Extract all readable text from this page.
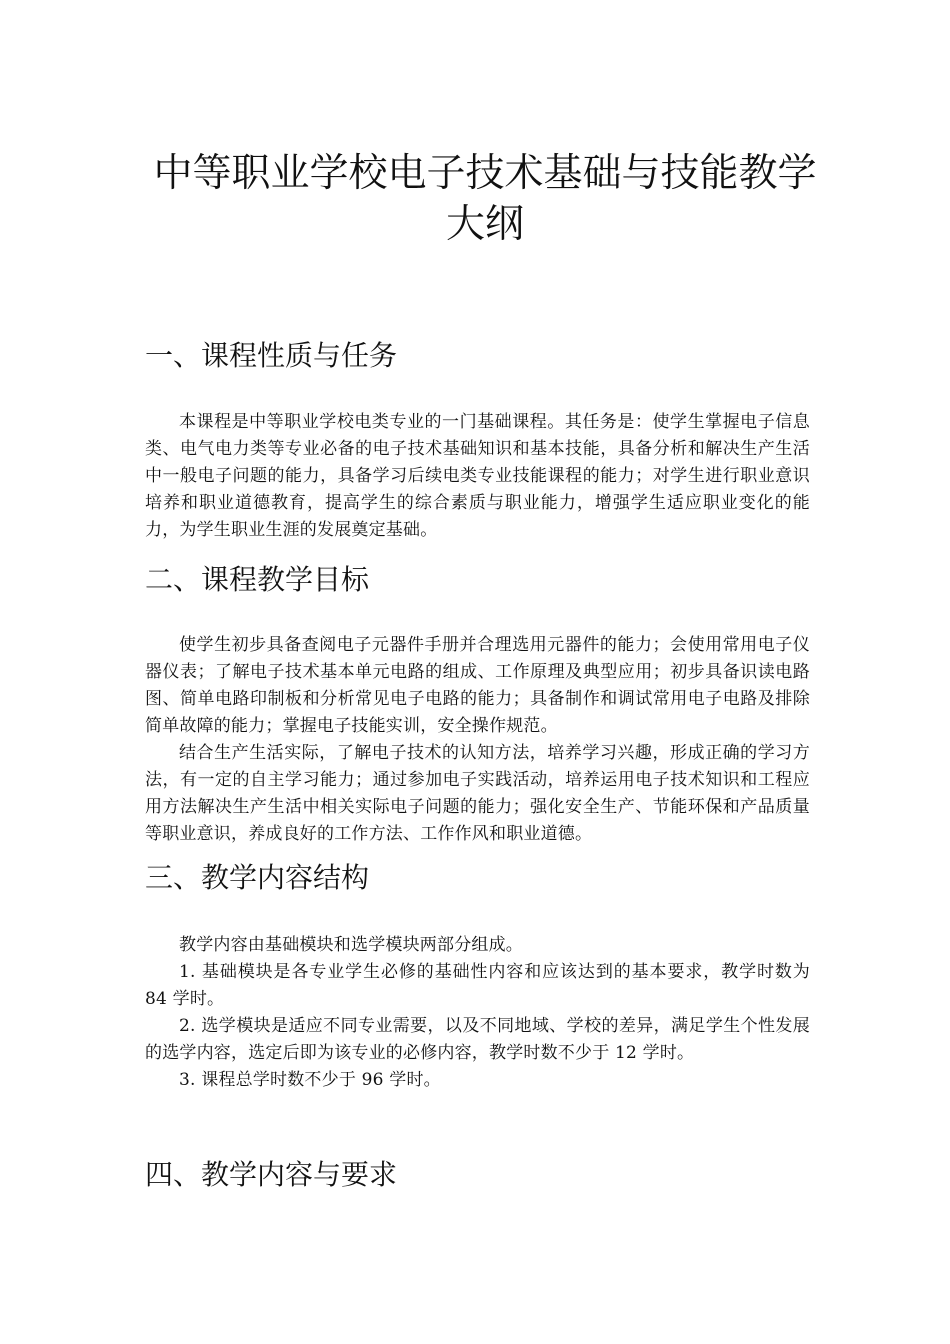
中等职业学校电子技术基础与技能教学大纲
一、课程性质与任务

本课程是中等职业学校电类专业的一门基础课程。其任务是：使学生掌握电子信息类、电气电力类等专业必备的电子技术基础知识和基本技能，具备分析和解决生产生活中一般电子问题的能力，具备学习后续电类专业技能课程的能力；对学生进行职业意识培养和职业道德教育，提高学生的综合素质与职业能力，增强学生适应职业变化的能力，为学生职业生涯的发展奠定基础。

二、课程教学目标

使学生初步具备查阅电子元器件手册并合理选用元器件的能力；会使用常用电子仪器仪表；了解电子技术基本单元电路的组成、工作原理及典型应用；初步具备识读电路图、简单电路印制板和分析常见电子电路的能力；具备制作和调试常用电子电路及排除简单故障的能力；掌握电子技能实训，安全操作规范。

结合生产生活实际，了解电子技术的认知方法，培养学习兴趣，形成正确的学习方法，有一定的自主学习能力；通过参加电子实践活动，培养运用电子技术知识和工程应用方法解决生产生活中相关实际电子问题的能力；强化安全生产、节能环保和产品质量等职业意识，养成良好的工作方法、工作作风和职业道德。

三、教学内容结构

教学内容由基础模块和选学模块两部分组成。

1. 基础模块是各专业学生必修的基础性内容和应该达到的基本要求，教学时数为 84 学时。

2. 选学模块是适应不同专业需要，以及不同地域、学校的差异，满足学生个性发展的选学内容，选定后即为该专业的必修内容，教学时数不少于 12 学时。

3. 课程总学时数不少于 96 学时。

四、教学内容与要求
